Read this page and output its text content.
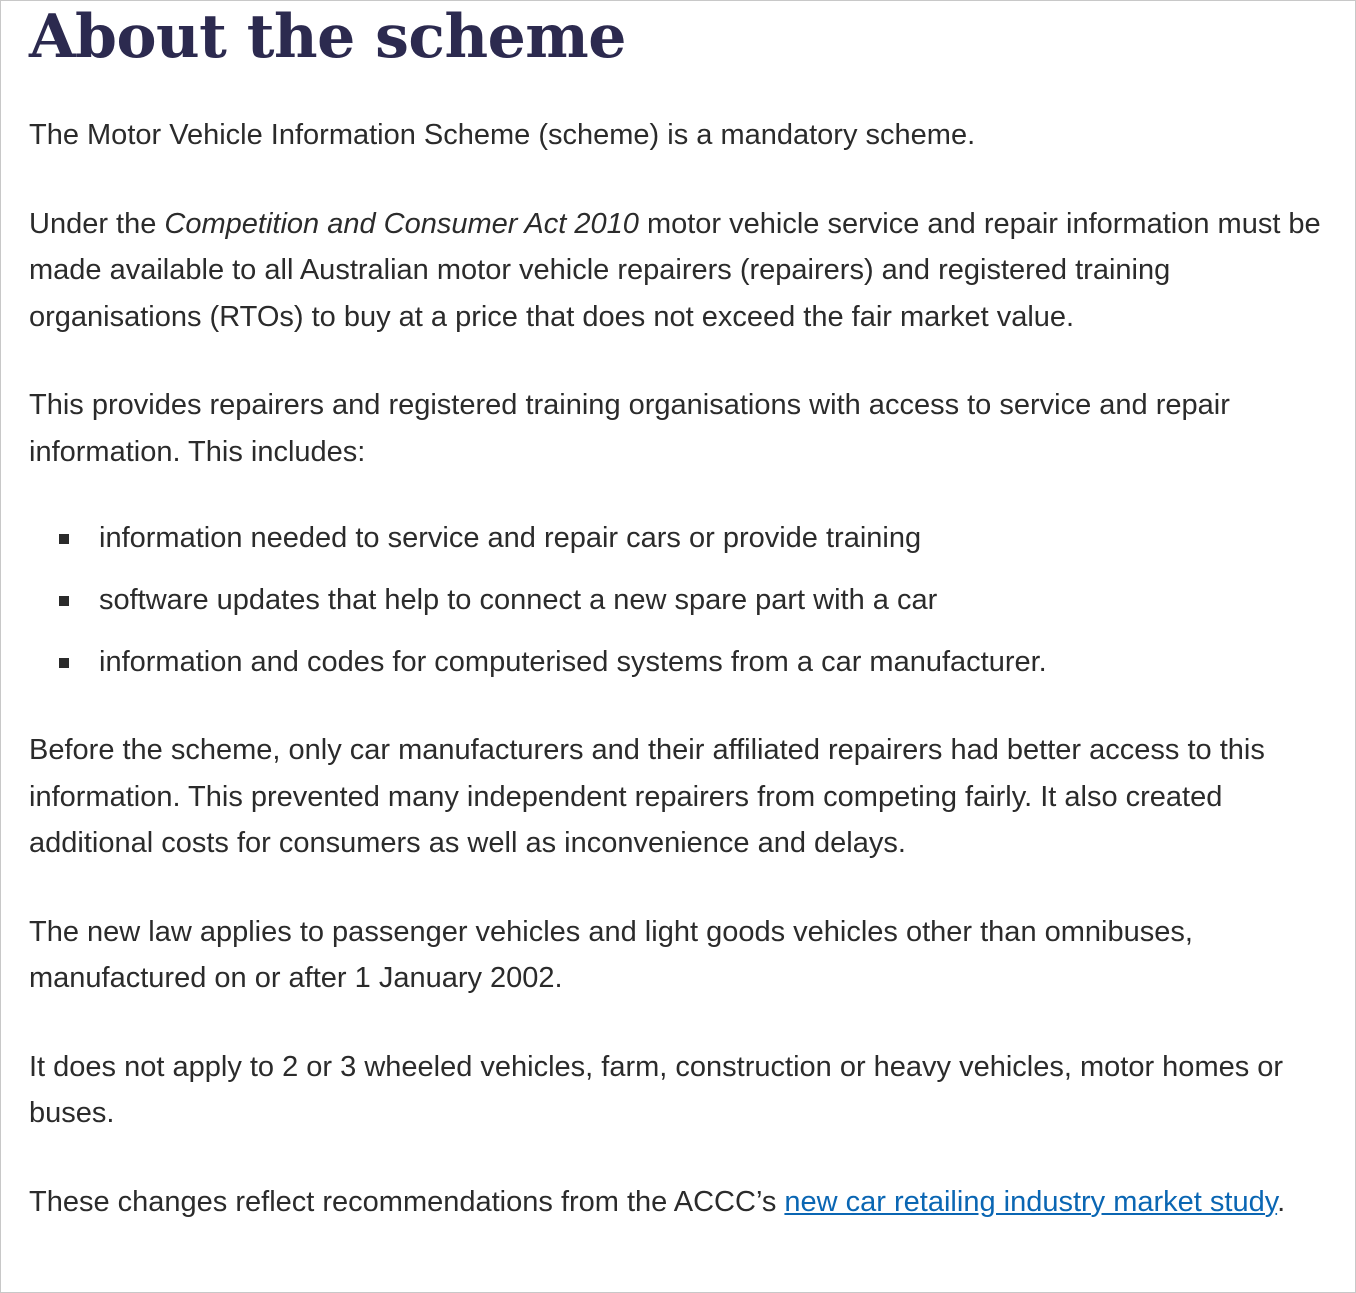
About the scheme

The Motor Vehicle Information Scheme (scheme) is a mandatory scheme.

Under the Competition and Consumer Act 2010 motor vehicle service and repair information must be made available to all Australian motor vehicle repairers (repairers) and registered training organisations (RTOs) to buy at a price that does not exceed the fair market value.

This provides repairers and registered training organisations with access to service and repair information. This includes:

information needed to service and repair cars or provide training
software updates that help to connect a new spare part with a car
information and codes for computerised systems from a car manufacturer.

Before the scheme, only car manufacturers and their affiliated repairers had better access to this information. This prevented many independent repairers from competing fairly. It also created additional costs for consumers as well as inconvenience and delays.

The new law applies to passenger vehicles and light goods vehicles other than omnibuses, manufactured on or after 1 January 2002.

It does not apply to 2 or 3 wheeled vehicles, farm, construction or heavy vehicles, motor homes or buses.

These changes reflect recommendations from the ACCC’s new car retailing industry market study.
